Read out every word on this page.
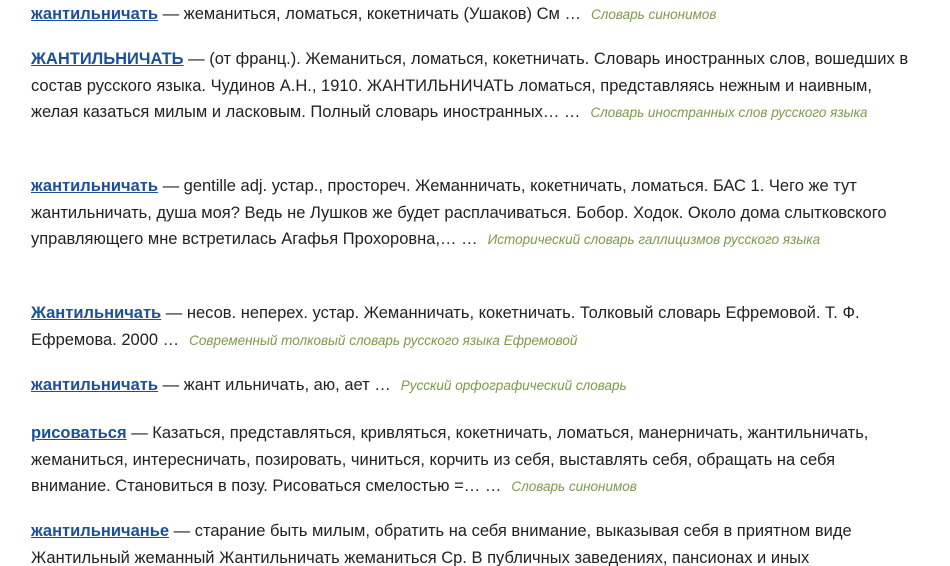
жантильничать — жеманиться, ломаться, кокетничать (Ушаков) См … Словарь синонимов
ЖАНТИЛЬНИЧАТЬ — (от франц.). Жеманиться, ломаться, кокетничать. Словарь иностранных слов, вошедших в состав русского языка. Чудинов А.Н., 1910. ЖАНТИЛЬНИЧАТЬ ломаться, представляясь нежным и наивным, желая казаться милым и ласковым. Полный словарь иностранных… … Словарь иностранных слов русского языка
жантильничать — gentille adj. устар., простореч. Жеманничать, кокетничать, ломаться. БАС 1. Чего же тут жантильничать, душа моя? Ведь не Лушков же будет расплачиваться. Бобор. Ходок. Около дома слытковского управляющего мне встретилась Агафья Прохоровна,… … Исторический словарь галлицизмов русского языка
Жантильничать — несов. неперех. устар. Жеманничать, кокетничать. Толковый словарь Ефремовой. Т. Ф. Ефремова. 2000 … Современный толковый словарь русского языка Ефремовой
жантильничать — жант ильничать, аю, ает … Русский орфографический словарь
рисоваться — Казаться, представляться, кривляться, кокетничать, ломаться, манерничать, жантильничать, жеманиться, интересничать, позировать, чиниться, корчить из себя, выставлять себя, обращать на себя внимание. Становиться в позу. Рисоваться смелостью =… … Словарь синонимов
жантильничанье — старание быть милым, обратить на себя внимание, выказывая себя в приятном виде Жантильный жеманный Жантильничать жеманиться Ср. В публичных заведениях, пансионах и иных
